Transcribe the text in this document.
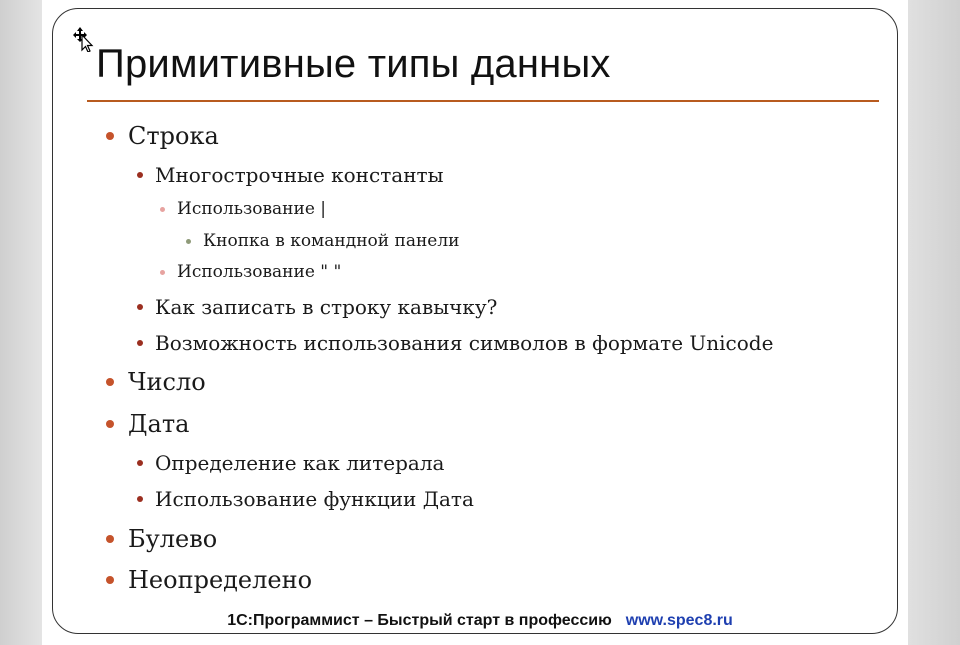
Примитивные типы данных
Строка
Многострочные константы
Использование |
Кнопка в командной панели
Использование " "
Как записать в строку кавычку?
Возможность использования символов в формате Unicode
Число
Дата
Определение как литерала
Использование функции Дата
Булево
Неопределено
1С:Программист – Быстрый старт в профессию www.spec8.ru
